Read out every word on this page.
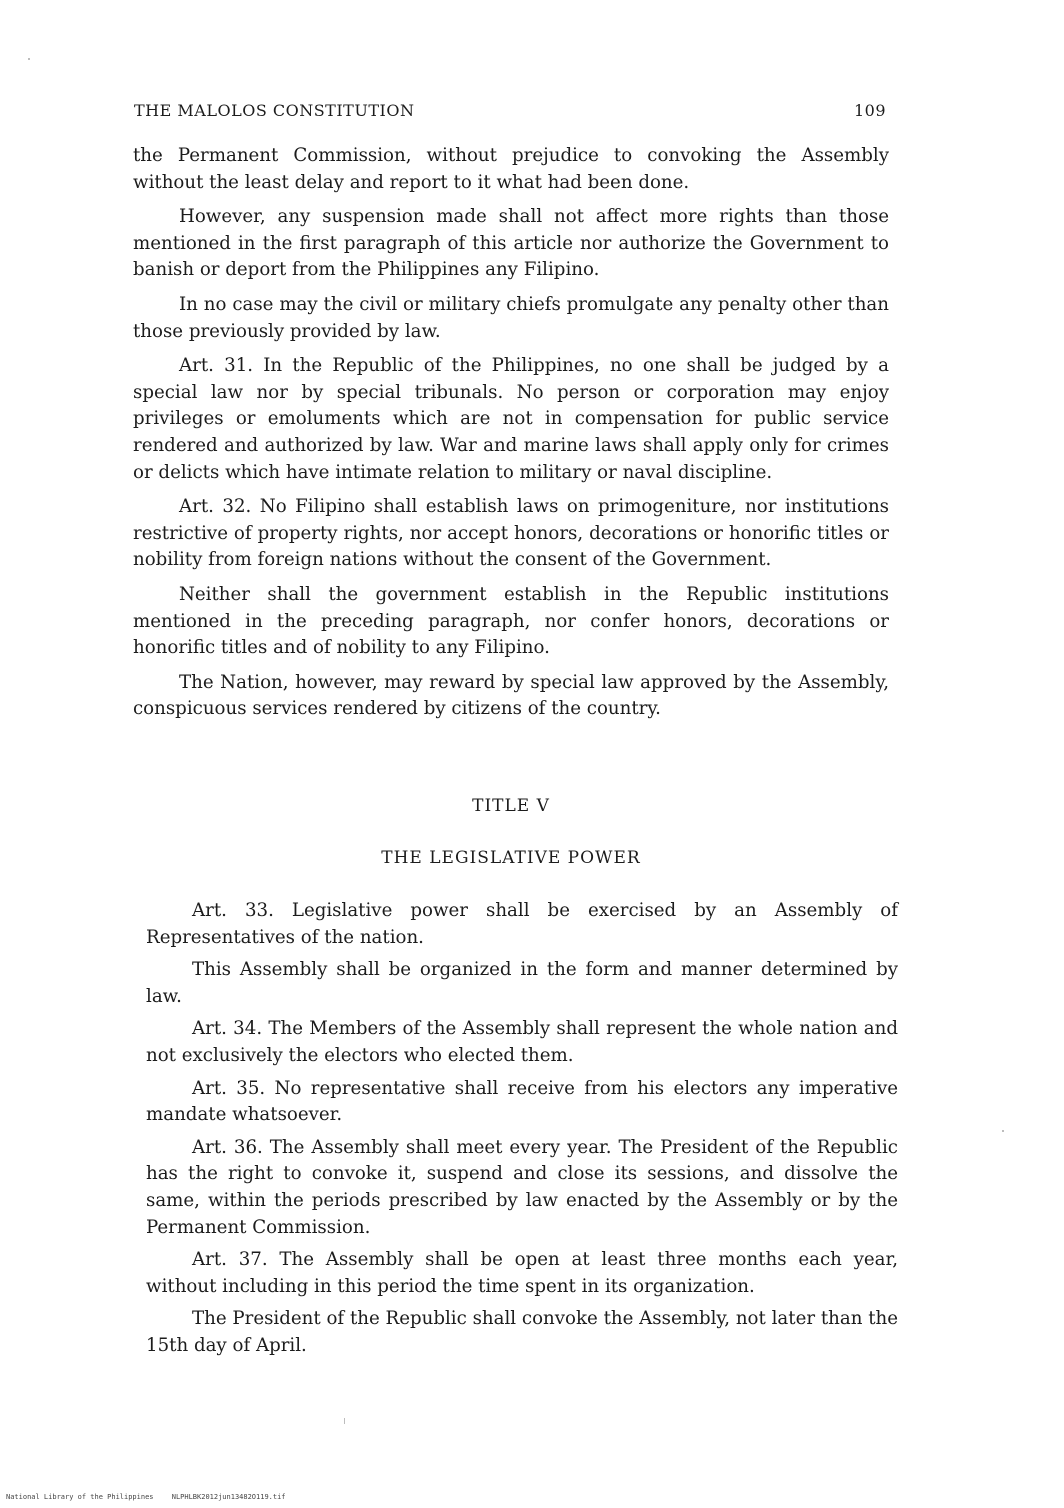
THE MALOLOS CONSTITUTION	109

the Permanent Commission, without prejudice to convoking the Assembly without the least delay and report to it what had been done.

However, any suspension made shall not affect more rights than those mentioned in the first paragraph of this article nor authorize the Government to banish or deport from the Philippines any Filipino.

In no case may the civil or military chiefs promulgate any penalty other than those previously provided by law.

Art. 31. In the Republic of the Philippines, no one shall be judged by a special law nor by special tribunals. No person or corporation may enjoy privileges or emoluments which are not in compensation for public service rendered and authorized by law. War and marine laws shall apply only for crimes or delicts which have intimate relation to military or naval discipline.

Art. 32. No Filipino shall establish laws on primogeniture, nor institutions restrictive of property rights, nor accept honors, decorations or honorific titles or nobility from foreign nations without the consent of the Government.

Neither shall the government establish in the Republic institutions mentioned in the preceding paragraph, nor confer honors, decorations or honorific titles and of nobility to any Filipino.

The Nation, however, may reward by special law approved by the Assembly, conspicuous services rendered by citizens of the country.

TITLE V
THE LEGISLATIVE POWER

Art. 33. Legislative power shall be exercised by an Assembly of Representatives of the nation.

This Assembly shall be organized in the form and manner determined by law.

Art. 34. The Members of the Assembly shall represent the whole nation and not exclusively the electors who elected them.

Art. 35. No representative shall receive from his electors any imperative mandate whatsoever.

Art. 36. The Assembly shall meet every year. The President of the Republic has the right to convoke it, suspend and close its sessions, and dissolve the same, within the periods prescribed by law enacted by the Assembly or by the Permanent Commission.

Art. 37. The Assembly shall be open at least three months each year, without including in this period the time spent in its organization.

The President of the Republic shall convoke the Assembly, not later than the 15th day of April.

National Library of the Philippines	NLPHLBK2012jun13482O119.tif
